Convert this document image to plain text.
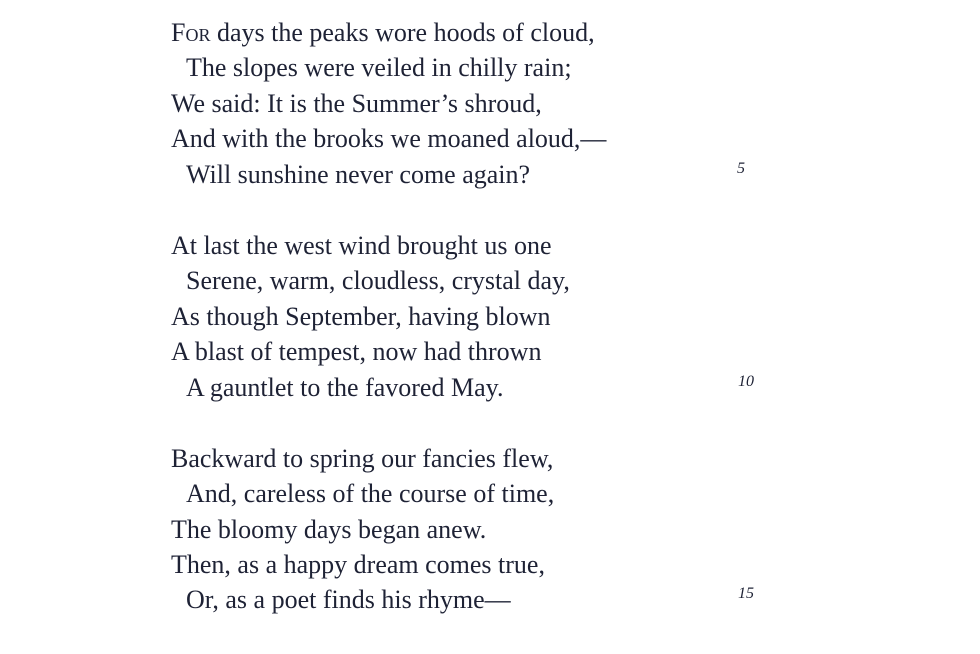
For days the peaks wore hoods of cloud,
The slopes were veiled in chilly rain;
We said: It is the Summer’s shroud,
And with the brooks we moaned aloud,—
Will sunshine never come again?	5
At last the west wind brought us one
Serene, warm, cloudless, crystal day,
As though September, having blown
A blast of tempest, now had thrown
A gauntlet to the favored May.	10
Backward to spring our fancies flew,
And, careless of the course of time,
The bloomy days began anew.
Then, as a happy dream comes true,
Or, as a poet finds his rhyme—	15
